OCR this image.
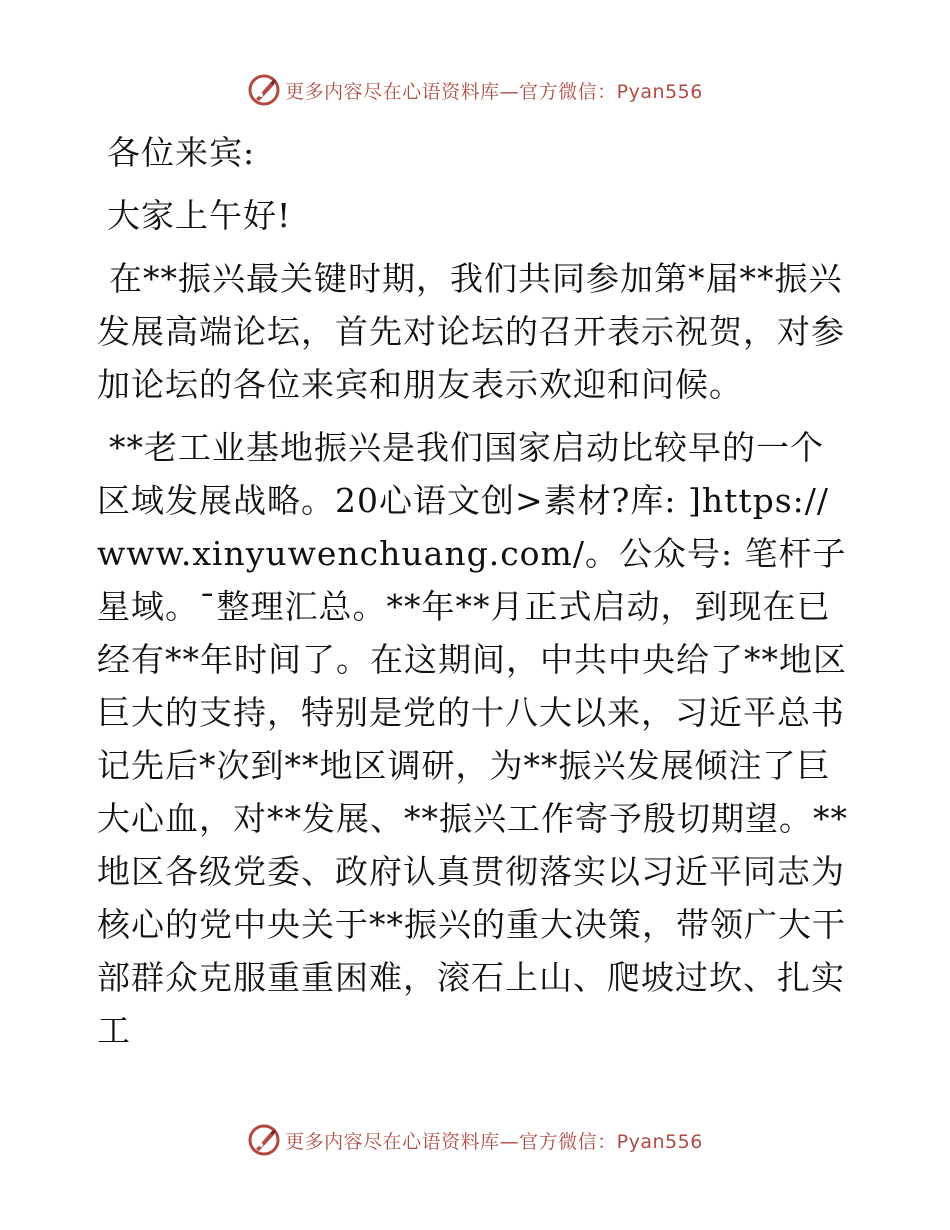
更多内容尽在心语资料库—官方微信：Pyan556

各位来宾:

大家上午好!

在**振兴最关键时期，我们共同参加第*届**振兴发展高端论坛，首先对论坛的召开表示祝贺，对参加论坛的各位来宾和朋友表示欢迎和问候。

**老工业基地振兴是我们国家启动比较早的一个区域发展战略。20心语文创>素材?库: ]https://www.xinyuwenchuang.com/。公众号: 笔杆子星域。¯整理汇总。**年**月正式启动，到现在已经有**年时间了。在这期间，中共中央给了**地区巨大的支持，特别是党的十八大以来，习近平总书记先后*次到**地区调研，为**振兴发展倾注了巨大心血，对**发展、**振兴工作寄予殷切期望。**地区各级党委、政府认真贯彻落实以习近平同志为核心的党中央关于**振兴的重大决策，带领广大干部群众克服重重困难，滚石上山、爬坡过坎、扎实工

更多内容尽在心语资料库—官方微信：Pyan556
